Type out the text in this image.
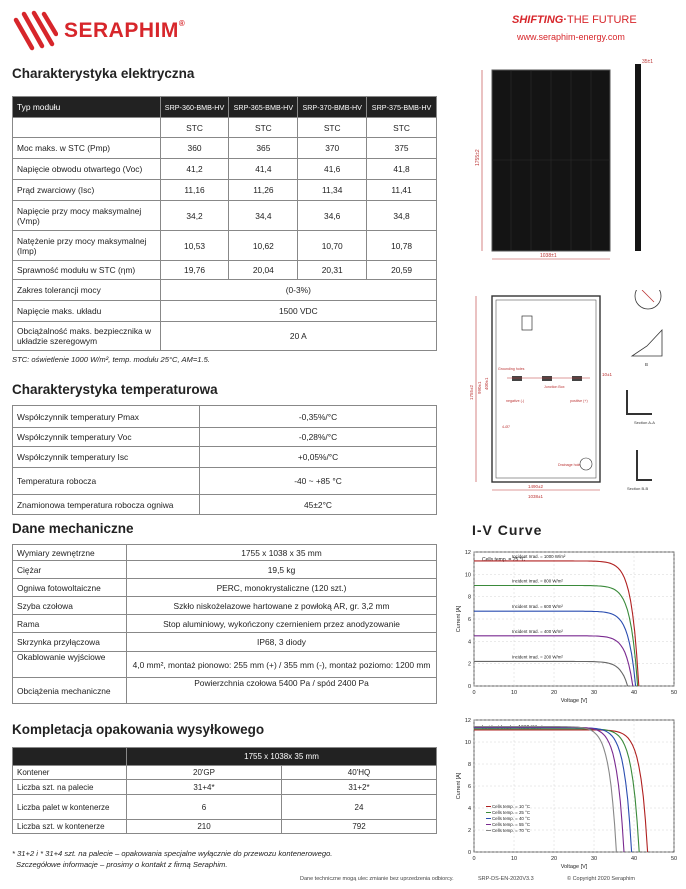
SERAPHIM®	SHIFTING·THE FUTURE
www.seraphim-energy.com
Charakterystyka elektryczna
Typ modułu	SRP-360-BMB-HV	SRP-365-BMB-HV	SRP-370-BMB-HV	SRP-375-BMB-HV
	STC	STC	STC	STC
Moc maks. w STC (Pmp)	360	365	370	375
Napięcie obwodu otwartego (Voc)	41,2	41,4	41,6	41,8
Prąd zwarciowy (Isc)	11,16	11,26	11,34	11,41
Napięcie przy mocy maksymalnej (Vmp)	34,2	34,4	34,6	34,8
Natężenie przy mocy maksymalnej (Imp)	10,53	10,62	10,70	10,78
Sprawność modułu w STC (ηm)	19,76	20,04	20,31	20,59
Zakres tolerancji mocy	(0-3%)			
Napięcie maks. układu	1500 VDC			
Obciążalność maks. bezpiecznika w układzie szeregowym	20 A			
STC: oświetlenie 1000 W/m², temp. modułu 25°C, AM=1.5.
Charakterystyka temperaturowa
Współczynnik temperatury Pmax	-0,35%/°C
Współczynnik temperatury Voc	-0,28%/°C
Współczynnik temperatury Isc	+0,05%/°C
Temperatura robocza	-40 ~ +85 °C
Znamionowa temperatura robocza ogniwa	45±2°C
Dane mechaniczne
Wymiary zewnętrzne	1755 x 1038 x 35 mm
Ciężar	19,5 kg
Ogniwa fotowoltaiczne	PERC, monokrystaliczne (120 szt.)
Szyba czołowa	Szkło niskożelazowe hartowane z powłoką AR, gr. 3,2 mm
Rama	Stop aluminiowy, wykończony czernieniem przez anodyzowanie
Skrzynka przyłączowa	IP68, 3 diody
Okablowanie wyjściowe	4,0 mm², montaż pionowo: 255 mm (+) / 355 mm (-), montaż poziomo: 1200 mm
Obciążenia mechaniczne	Powierzchnia czołowa 5400 Pa / spód 2400 Pa
Kompletacja opakowania wysyłkowego
	1755 x 1038x 35 mm	
Kontener	20'GP	40'HQ
Liczba szt. na palecie	31+4*	31+2*
Liczba palet w kontenerze	6	24
Liczba szt. w kontenerze	210	792
* 31+2 i * 31+4 szt. na palecie – opakowania specjalne wyłącznie do przewozu kontenerowego.
Szczegółowe informacje – prosimy o kontakt z firmą Seraphim.
1755±2
1038±1
35±1
Grounding holes
Junction Box
negative (-)	positive (+)
10±1
4-Ø7
Drainage hole
1755±2 990±1 400±1
1490±2
1038±1
B
Section A-A
Section B-B
I-V Curve
0
2
4
6
8
10
12
0	10	20	30	40	50
Voltage [V]
Current [A]
Cells temp. = 25 °C
Incident Irrad. = 1000 W/m²
Incident Irrad. = 800 W/m²
Incident Irrad. = 600 W/m²
Incident Irrad. = 400 W/m²
Incident Irrad. = 200 W/m²
0
2
4
6
8
10
12
0	10	20	30	40	50
Voltage [V]
Current [A]
Incident Irrad. = 1000 W/m²
Cells temp. = 10 °C
Cells temp. = 25 °C
Cells temp. = 40 °C
Cells temp. = 55 °C
Cells temp. = 70 °C
Dane techniczne mogą ulec zmianie bez uprzedzenia odbiorcy.	SRP-DS-EN-2020V3.3	© Copyright 2020 Seraphim
